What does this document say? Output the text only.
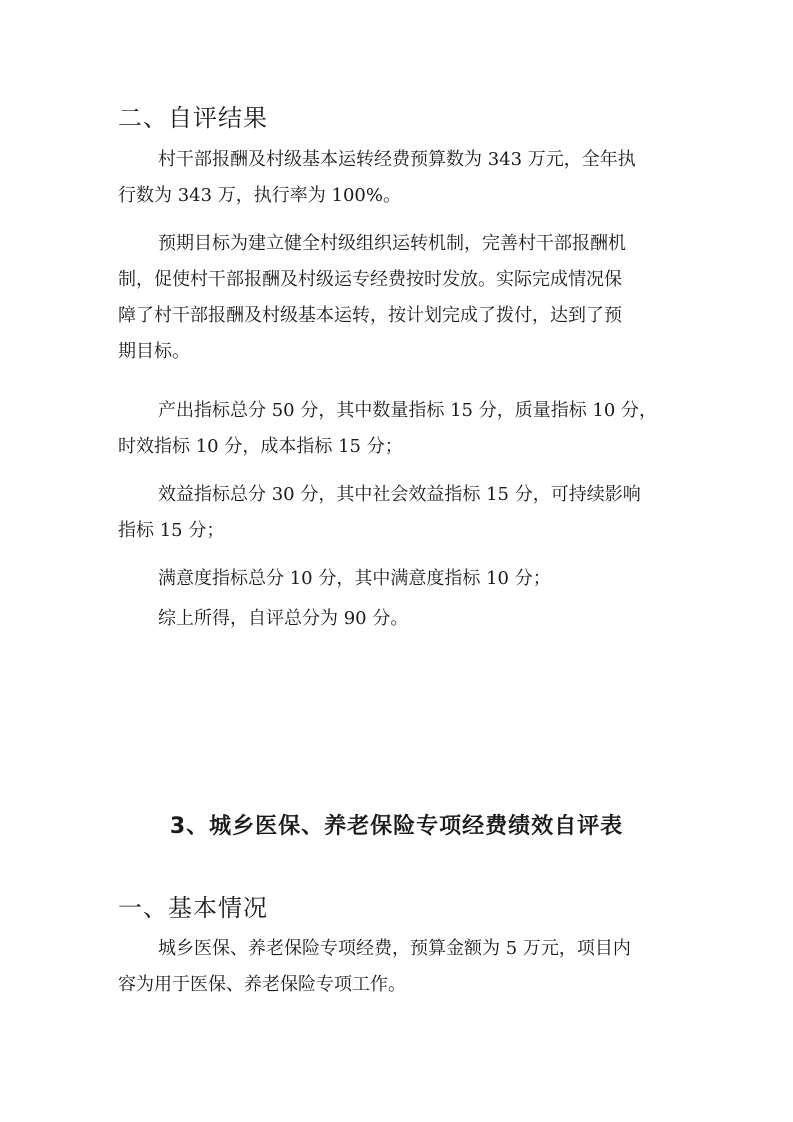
二、自评结果
村干部报酬及村级基本运转经费预算数为 343 万元，全年执
行数为 343 万，执行率为 100%。
预期目标为建立健全村级组织运转机制，完善村干部报酬机
制，促使村干部报酬及村级运专经费按时发放。实际完成情况保
障了村干部报酬及村级基本运转，按计划完成了拨付，达到了预
期目标。
产出指标总分 50 分，其中数量指标 15 分，质量指标 10 分，
时效指标 10 分，成本指标 15 分；
效益指标总分 30 分，其中社会效益指标 15 分，可持续影响
指标 15 分；
满意度指标总分 10 分，其中满意度指标 10 分；
综上所得，自评总分为 90 分。
3、城乡医保、养老保险专项经费绩效自评表
一、基本情况
城乡医保、养老保险专项经费，预算金额为 5 万元，项目内
容为用于医保、养老保险专项工作。
